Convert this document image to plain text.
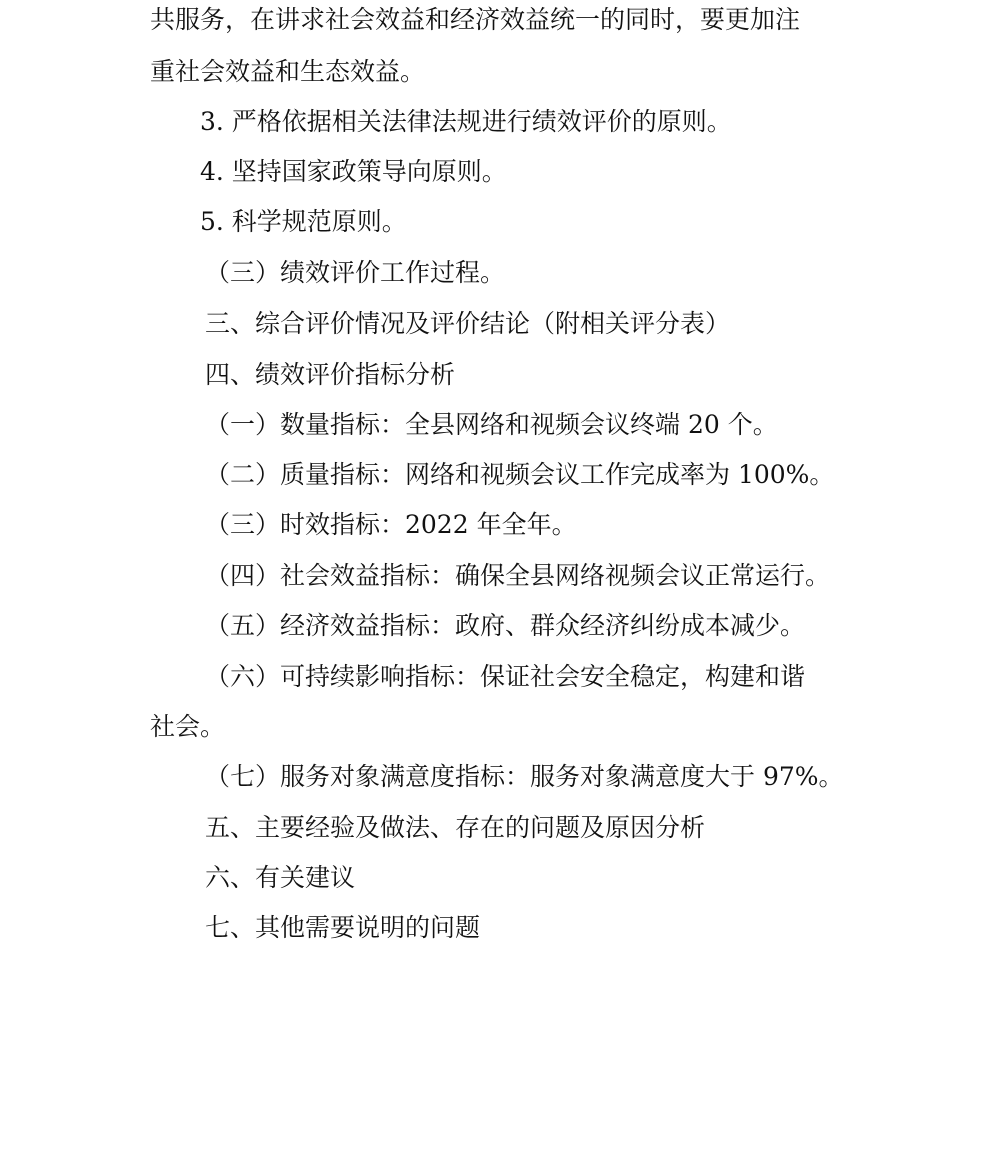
共服务，在讲求社会效益和经济效益统一的同时，要更加注
重社会效益和生态效益。
3. 严格依据相关法律法规进行绩效评价的原则。
4. 坚持国家政策导向原则。
5. 科学规范原则。
（三）绩效评价工作过程。
三、综合评价情况及评价结论（附相关评分表）
四、绩效评价指标分析
（一）数量指标：全县网络和视频会议终端 20 个。
（二）质量指标：网络和视频会议工作完成率为 100%。
（三）时效指标：2022 年全年。
（四）社会效益指标：确保全县网络视频会议正常运行。
（五）经济效益指标：政府、群众经济纠纷成本减少。
（六）可持续影响指标：保证社会安全稳定，构建和谐
社会。
（七）服务对象满意度指标：服务对象满意度大于 97%。
五、主要经验及做法、存在的问题及原因分析
六、有关建议
七、其他需要说明的问题
